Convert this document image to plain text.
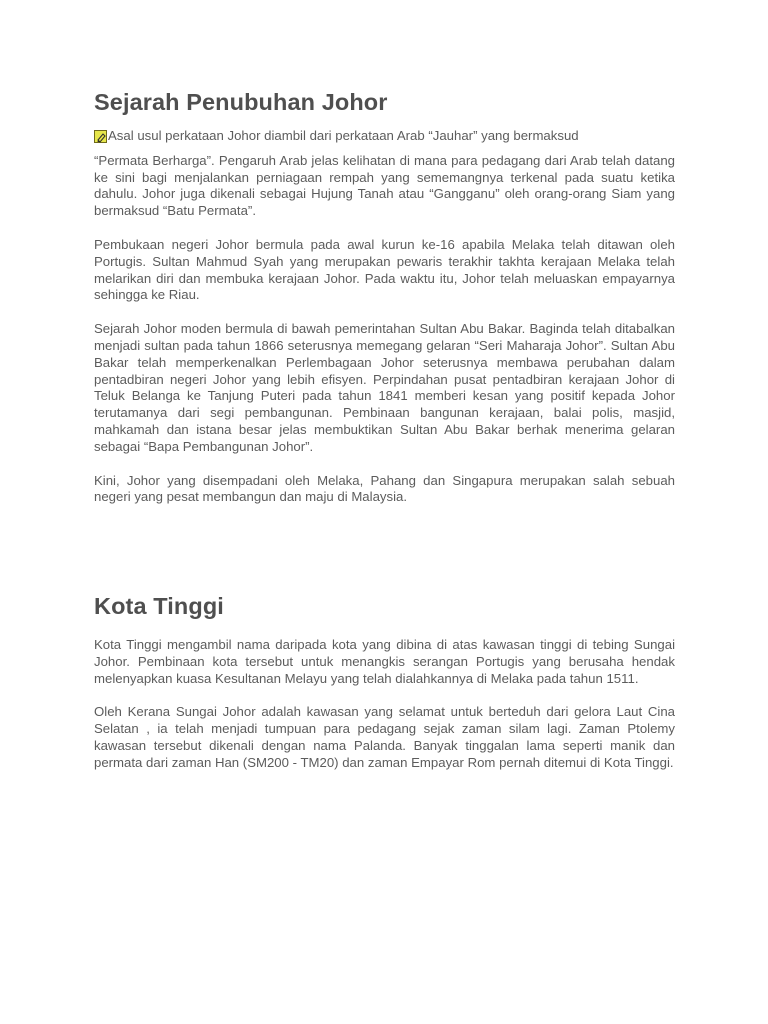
Sejarah Penubuhan Johor
Asal usul perkataan Johor diambil dari perkataan Arab “Jauhar” yang bermaksud

“Permata Berharga”. Pengaruh Arab jelas kelihatan di mana para pedagang dari Arab telah datang ke sini bagi menjalankan perniagaan rempah yang sememangnya terkenal pada suatu ketika dahulu. Johor juga dikenali sebagai Hujung Tanah atau “Gangganu” oleh orang-orang Siam yang bermaksud “Batu Permata”.

Pembukaan negeri Johor bermula pada awal kurun ke-16 apabila Melaka telah ditawan oleh Portugis. Sultan Mahmud Syah yang merupakan pewaris terakhir takhta kerajaan Melaka telah melarikan diri dan membuka kerajaan Johor. Pada waktu itu, Johor telah meluaskan empayarnya sehingga ke Riau.

Sejarah Johor moden bermula di bawah pemerintahan Sultan Abu Bakar. Baginda telah ditabalkan menjadi sultan pada tahun 1866 seterusnya memegang gelaran “Seri Maharaja Johor”. Sultan Abu Bakar telah memperkenalkan Perlembagaan Johor seterusnya membawa perubahan dalam pentadbiran negeri Johor yang lebih efisyen. Perpindahan pusat pentadbiran kerajaan Johor di Teluk Belanga ke Tanjung Puteri pada tahun 1841 memberi kesan yang positif kepada Johor terutamanya dari segi pembangunan. Pembinaan bangunan kerajaan, balai polis, masjid, mahkamah dan istana besar jelas membuktikan Sultan Abu Bakar berhak menerima gelaran sebagai “Bapa Pembangunan Johor”.

Kini, Johor yang disempadani oleh Melaka, Pahang dan Singapura merupakan salah sebuah negeri yang pesat membangun dan maju di Malaysia.

Kota Tinggi

Kota Tinggi mengambil nama daripada kota yang dibina di atas kawasan tinggi di tebing Sungai Johor. Pembinaan kota tersebut untuk menangkis serangan Portugis yang berusaha hendak melenyapkan kuasa Kesultanan Melayu yang telah dialahkannya di Melaka pada tahun 1511.

Oleh Kerana Sungai Johor adalah kawasan yang selamat untuk berteduh dari gelora Laut Cina Selatan , ia telah menjadi tumpuan para pedagang sejak zaman silam lagi. Zaman Ptolemy kawasan tersebut dikenali dengan nama Palanda. Banyak tinggalan lama seperti manik dan permata dari zaman Han (SM200 - TM20) dan zaman Empayar Rom pernah ditemui di Kota Tinggi.
